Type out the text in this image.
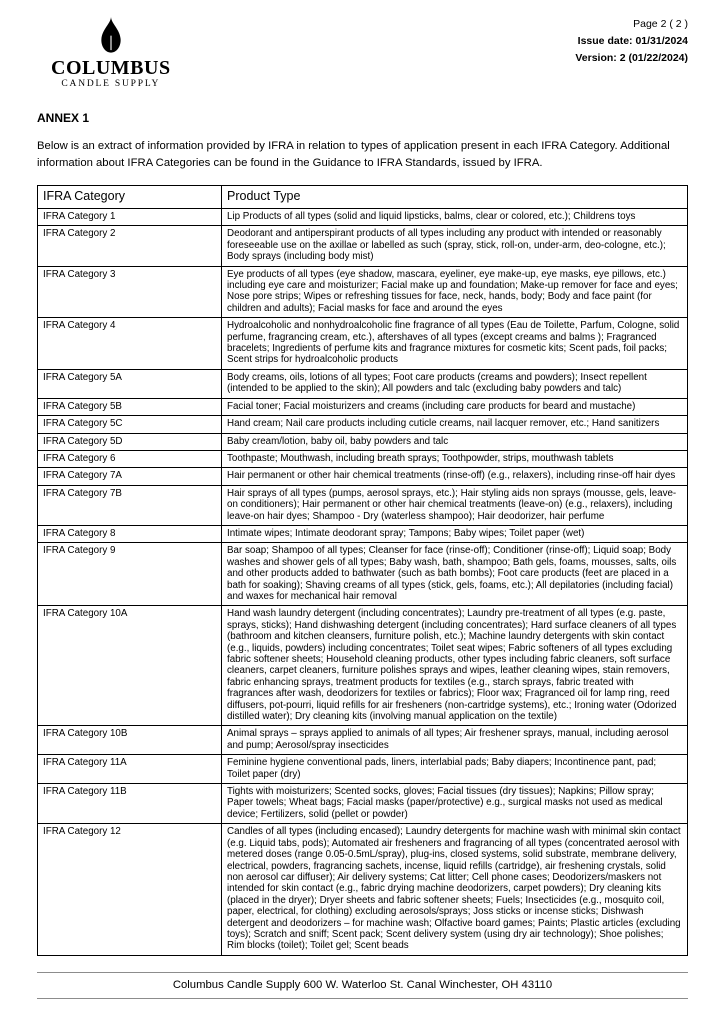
COLUMBUS
CANDLE SUPPLY
Page 2 ( 2 )
Issue date: 01/31/2024
Version: 2 (01/22/2024)
ANNEX 1
Below is an extract of information provided by IFRA in relation to types of application present in each IFRA Category. Additional information about IFRA Categories can be found in the Guidance to IFRA Standards, issued by IFRA.
IFRA Category	Product Type
IFRA Category 1	Lip Products of all types (solid and liquid lipsticks, balms, clear or colored, etc.); Childrens toys
IFRA Category 2	Deodorant and antiperspirant products of all types including any product with intended or reasonably foreseeable use on the axillae or labelled as such (spray, stick, roll-on, under-arm, deo-cologne, etc.); Body sprays (including body mist)
IFRA Category 3	Eye products of all types (eye shadow, mascara, eyeliner, eye make-up, eye masks, eye pillows, etc.) including eye care and moisturizer; Facial make up and foundation; Make-up remover for face and eyes; Nose pore strips; Wipes or refreshing tissues for face, neck, hands, body; Body and face paint (for children and adults); Facial masks for face and around the eyes
IFRA Category 4	Hydroalcoholic and nonhydroalcoholic fine fragrance of all types (Eau de Toilette, Parfum, Cologne, solid perfume, fragrancing cream, etc.), aftershaves of all types (except creams and balms ); Fragranced bracelets; Ingredients of perfume kits and fragrance mixtures for cosmetic kits; Scent pads, foil packs; Scent strips for hydroalcoholic products
IFRA Category 5A	Body creams, oils, lotions of all types; Foot care products (creams and powders); Insect repellent (intended to be applied to the skin); All powders and talc (excluding baby powders and talc)
IFRA Category 5B	Facial toner; Facial moisturizers and creams (including care products for beard and mustache)
IFRA Category 5C	Hand cream; Nail care products including cuticle creams, nail lacquer remover, etc.; Hand sanitizers
IFRA Category 5D	Baby cream/lotion, baby oil, baby powders and talc
IFRA Category 6	Toothpaste; Mouthwash, including breath sprays; Toothpowder, strips, mouthwash tablets
IFRA Category 7A	Hair permanent or other hair chemical treatments (rinse-off) (e.g., relaxers), including rinse-off hair dyes
IFRA Category 7B	Hair sprays of all types (pumps, aerosol sprays, etc.); Hair styling aids non sprays (mousse, gels, leave-on conditioners); Hair permanent or other hair chemical treatments (leave-on) (e.g., relaxers), including leave-on hair dyes; Shampoo - Dry (waterless shampoo); Hair deodorizer, hair perfume
IFRA Category 8	Intimate wipes; Intimate deodorant spray; Tampons; Baby wipes; Toilet paper (wet)
IFRA Category 9	Bar soap; Shampoo of all types; Cleanser for face (rinse-off); Conditioner (rinse-off); Liquid soap; Body washes and shower gels of all types; Baby wash, bath, shampoo; Bath gels, foams, mousses, salts, oils and other products added to bathwater (such as bath bombs); Foot care products (feet are placed in a bath for soaking); Shaving creams of all types (stick, gels, foams, etc.); All depilatories (including facial) and waxes for mechanical hair removal
IFRA Category 10A	Hand wash laundry detergent (including concentrates); Laundry pre-treatment of all types (e.g. paste, sprays, sticks); Hand dishwashing detergent (including concentrates); Hard surface cleaners of all types (bathroom and kitchen cleansers, furniture polish, etc.); Machine laundry detergents with skin contact (e.g., liquids, powders) including concentrates; Toilet seat wipes; Fabric softeners of all types excluding fabric softener sheets; Household cleaning products, other types including fabric cleaners, soft surface cleaners, carpet cleaners, furniture polishes sprays and wipes, leather cleaning wipes, stain removers, fabric enhancing sprays, treatment products for textiles (e.g., starch sprays, fabric treated with fragrances after wash, deodorizers for textiles or fabrics); Floor wax; Fragranced oil for lamp ring, reed diffusers, pot-pourri, liquid refills for air fresheners (non-cartridge systems), etc.; Ironing water (Odorized distilled water); Dry cleaning kits (involving manual application on the textile)
IFRA Category 10B	Animal sprays – sprays applied to animals of all types; Air freshener sprays, manual, including aerosol and pump; Aerosol/spray insecticides
IFRA Category 11A	Feminine hygiene conventional pads, liners, interlabial pads; Baby diapers; Incontinence pant, pad; Toilet paper (dry)
IFRA Category 11B	Tights with moisturizers; Scented socks, gloves; Facial tissues (dry tissues); Napkins; Pillow spray; Paper towels; Wheat bags; Facial masks (paper/protective) e.g., surgical masks not used as medical device; Fertilizers, solid (pellet or powder)
IFRA Category 12	Candles of all types (including encased); Laundry detergents for machine wash with minimal skin contact (e.g. Liquid tabs, pods); Automated air fresheners and fragrancing of all types (concentrated aerosol with metered doses (range 0.05-0.5mL/spray), plug-ins, closed systems, solid substrate, membrane delivery, electrical, powders, fragrancing sachets, incense, liquid refills (cartridge), air freshening crystals, solid non aerosol car diffuser); Air delivery systems; Cat litter; Cell phone cases; Deodorizers/maskers not intended for skin contact (e.g., fabric drying machine deodorizers, carpet powders); Dry cleaning kits (placed in the dryer); Dryer sheets and fabric softener sheets; Fuels; Insecticides (e.g., mosquito coil, paper, electrical, for clothing) excluding aerosols/sprays; Joss sticks or incense sticks; Dishwash detergent and deodorizers – for machine wash; Olfactive board games; Paints; Plastic articles (excluding toys); Scratch and sniff; Scent pack; Scent delivery system (using dry air technology); Shoe polishes; Rim blocks (toilet); Toilet gel; Scent beads
Columbus Candle Supply 600 W. Waterloo St. Canal Winchester, OH 43110
